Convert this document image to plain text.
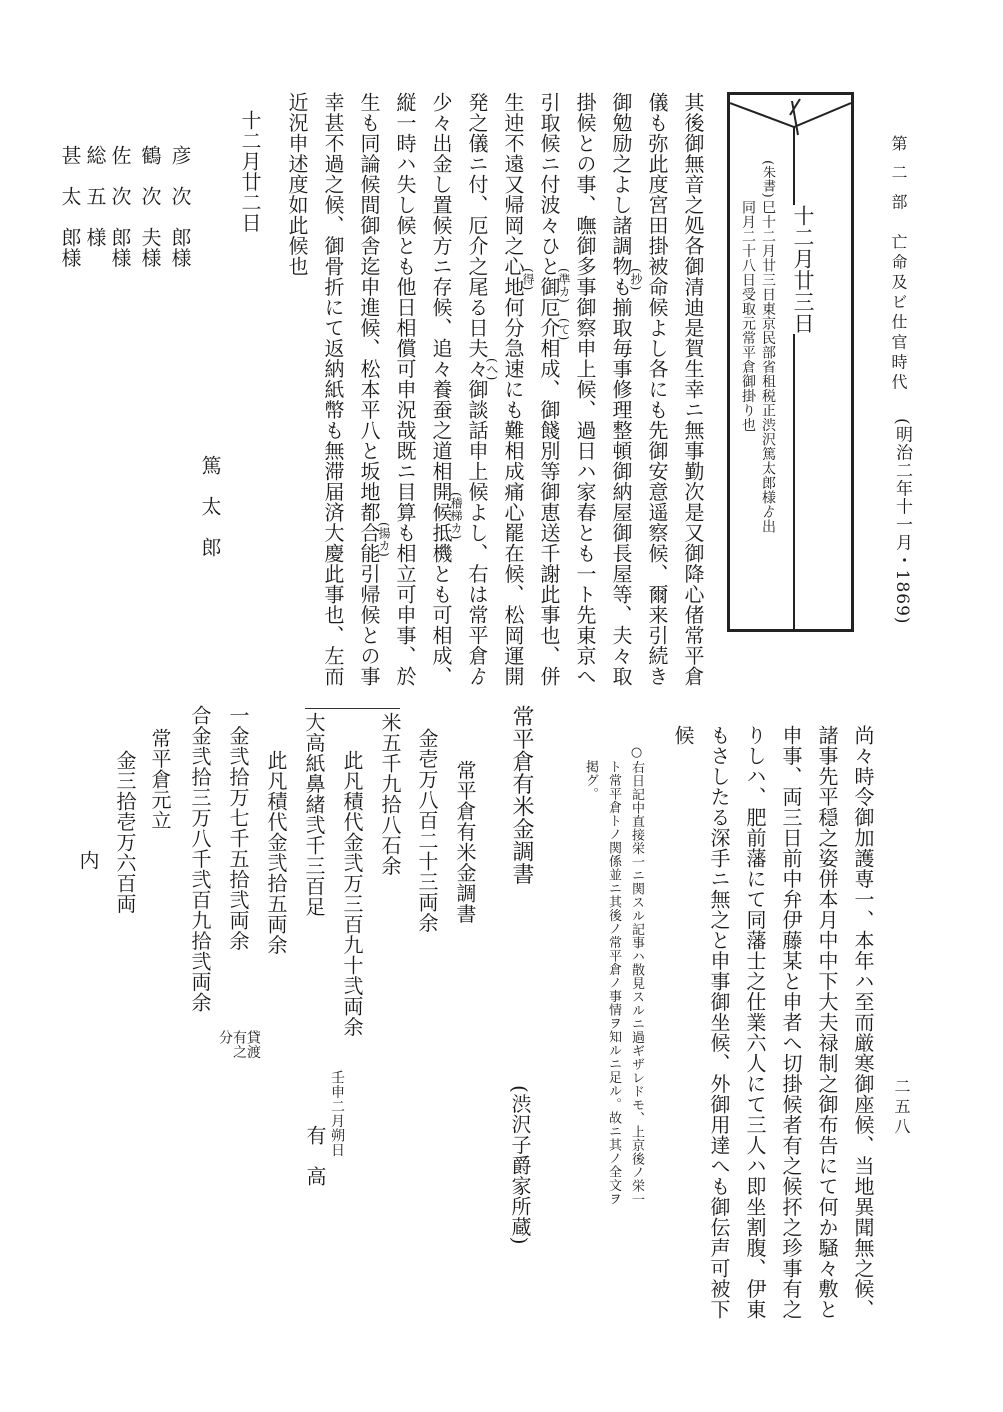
第 二 部　亡命及ビ仕官時代
(明治二年十一月・1869)
二五八
十二月廿三日
(朱書)
巳十二月廿三日東京民部省租税正渋沢篤太郎様ゟ出
同月二十八日受取元常平倉御掛り也
其後御無音之処各御清迪是賀生幸ニ無事勤次是又御降心偖常平倉
儀も弥此度宮田掛被命候よし各にも先御安意遥察候、爾来引続き
御勉励之よし諸調物も揃取毎事修理整頓御納屋御長屋等、夫々取
掛候との事、嘸御多事御察申上候、過日ハ家春とも一ト先東京へ
引取候ニ付波々ひと御厄介相成、御餞別等御恵送千謝此事也、併
生迚不遠又帰岡之心地何分急速にも難相成痛心罷在候、松岡運開
発之儀ニ付、厄介之尾る日夫々御談話申上候よし、右は常平倉ゟ
少々出金し置候方ニ存候、追々養蚕之道相開候抵機とも可相成、
縦一時ハ失し候とも他日相償可申況哉既ニ目算も相立可申事、於
生も同論候間御舎迄申進候、松本平八と坂地都合能引帰候との事
幸甚不過之候、御骨折にて返納紙幣も無滞届済大慶此事也、左而
近況申述度如此候也
(抄)
(準カ)
(て)
(得)
(へ)
(稽梯カ)
(揚カ)
十二月廿二日
篤　太　郎
彦　次　郎様
鶴　次　夫様
佐　次　郎様
総　五　様
甚　太　郎様
尚々時令御加護専一、本年ハ至而厳寒御座候、当地異聞無之候、
諸事先平穏之姿併本月中中下大夫禄制之御布告にて何か騒々敷と
申事、両三日前中弁伊藤某と申者へ切掛候者有之候抔之珍事有之
りしハ、肥前藩にて同藩士之仕業六人にて三人ハ即坐割腹、伊東
もさしたる深手ニ無之と申事御坐候、外御用達へも御伝声可被下
候
○右日記中直接栄一ニ関スル記事ハ散見スルニ過ギザレドモ、上京後ノ栄一
ト常平倉トノ関係並ニ其後ノ常平倉ノ事情ヲ知ルニ足ル。故ニ其ノ全文ヲ
掲グ。
常平倉有米金調書
(渋沢子爵家所蔵)
常平倉有米金調書
金壱万八百二十三両余
米五千九拾八石余
此凡積代金弐万三百九十弐両余
大高紙鼻緒弐千三百足
此凡積代金弐拾五両余
一金弐拾万七千五拾弐両余
合金弐拾三万八千弐百九拾弐両余
貸渡有之分
壬申二月朔日
有　高
常平倉元立
金三拾壱万六百両
内
